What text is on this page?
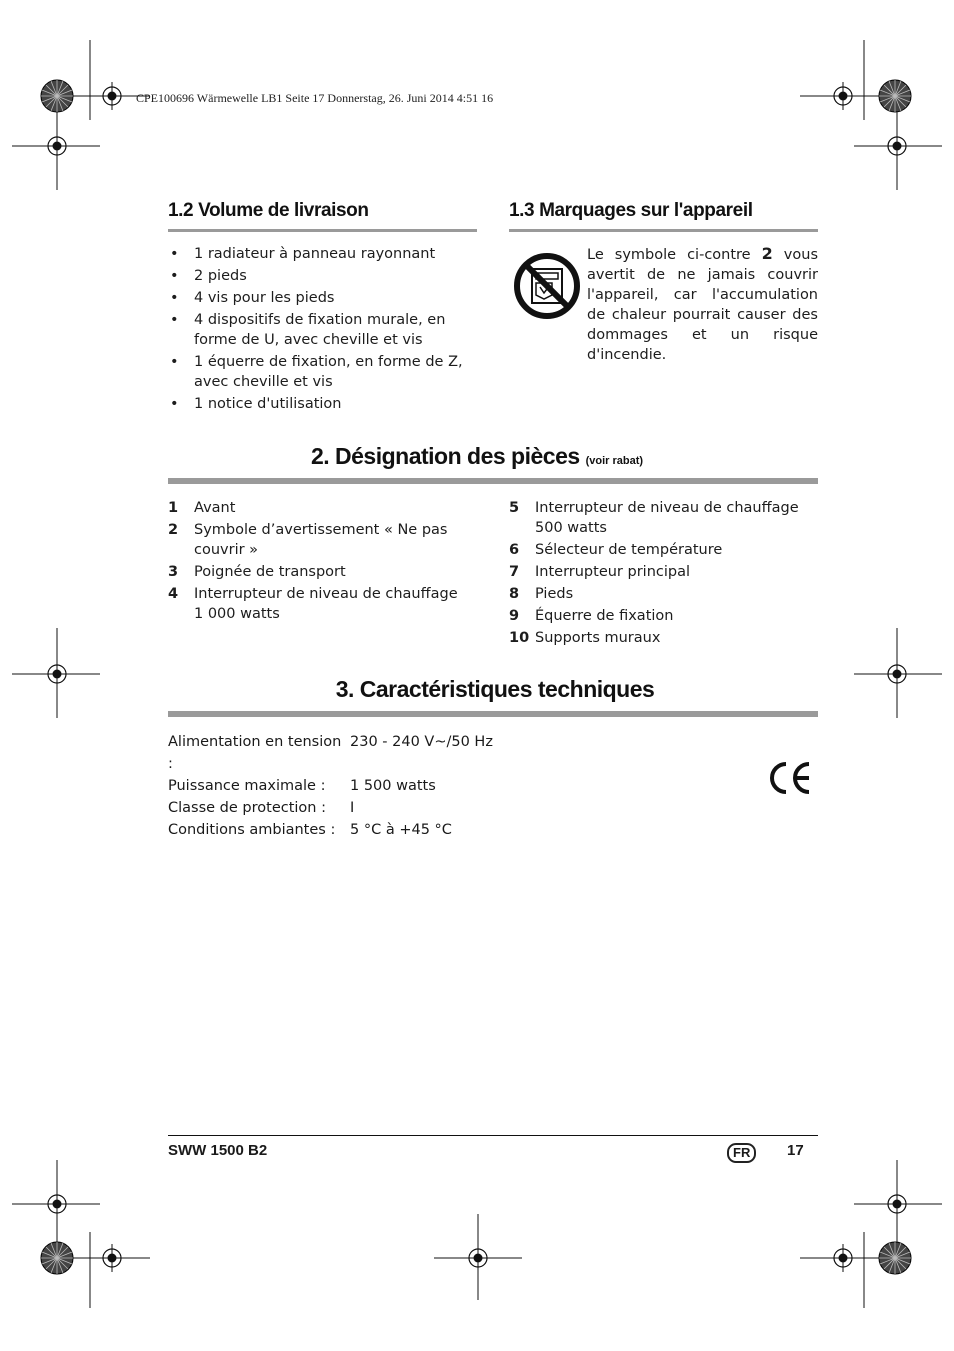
CPE100696 Wärmewelle LB1 Seite 17 Donnerstag, 26. Juni 2014 4:51 16
1.2 Volume de livraison
• 1 radiateur à panneau rayonnant
• 2 pieds
• 4 vis pour les pieds
• 4 dispositifs de fixation murale, en forme de U, avec cheville et vis
• 1 équerre de fixation, en forme de Z, avec cheville et vis
• 1 notice d'utilisation
1.3 Marquages sur l'appareil
Le symbole ci-contre 2 vous avertit de ne jamais couvrir l'appareil, car l'accumulation de chaleur pourrait causer des dommages et un risque d'incendie.
2. Désignation des pièces (voir rabat)
1	Avant
2	Symbole d’avertissement « Ne pas couvrir »
3	Poignée de transport
4	Interrupteur de niveau de chauffage 1 000 watts
5	Interrupteur de niveau de chauffage 500 watts
6	Sélecteur de température
7	Interrupteur principal
8	Pieds
9	Équerre de fixation
10 Supports muraux
3. Caractéristiques techniques
Alimentation en tension :
230 - 240 V~/50 Hz
Puissance maximale :	1 500 watts
Classe de protection :	I
Conditions ambiantes :	5 °C à +45 °C
SWW 1500 B2	FR	17
